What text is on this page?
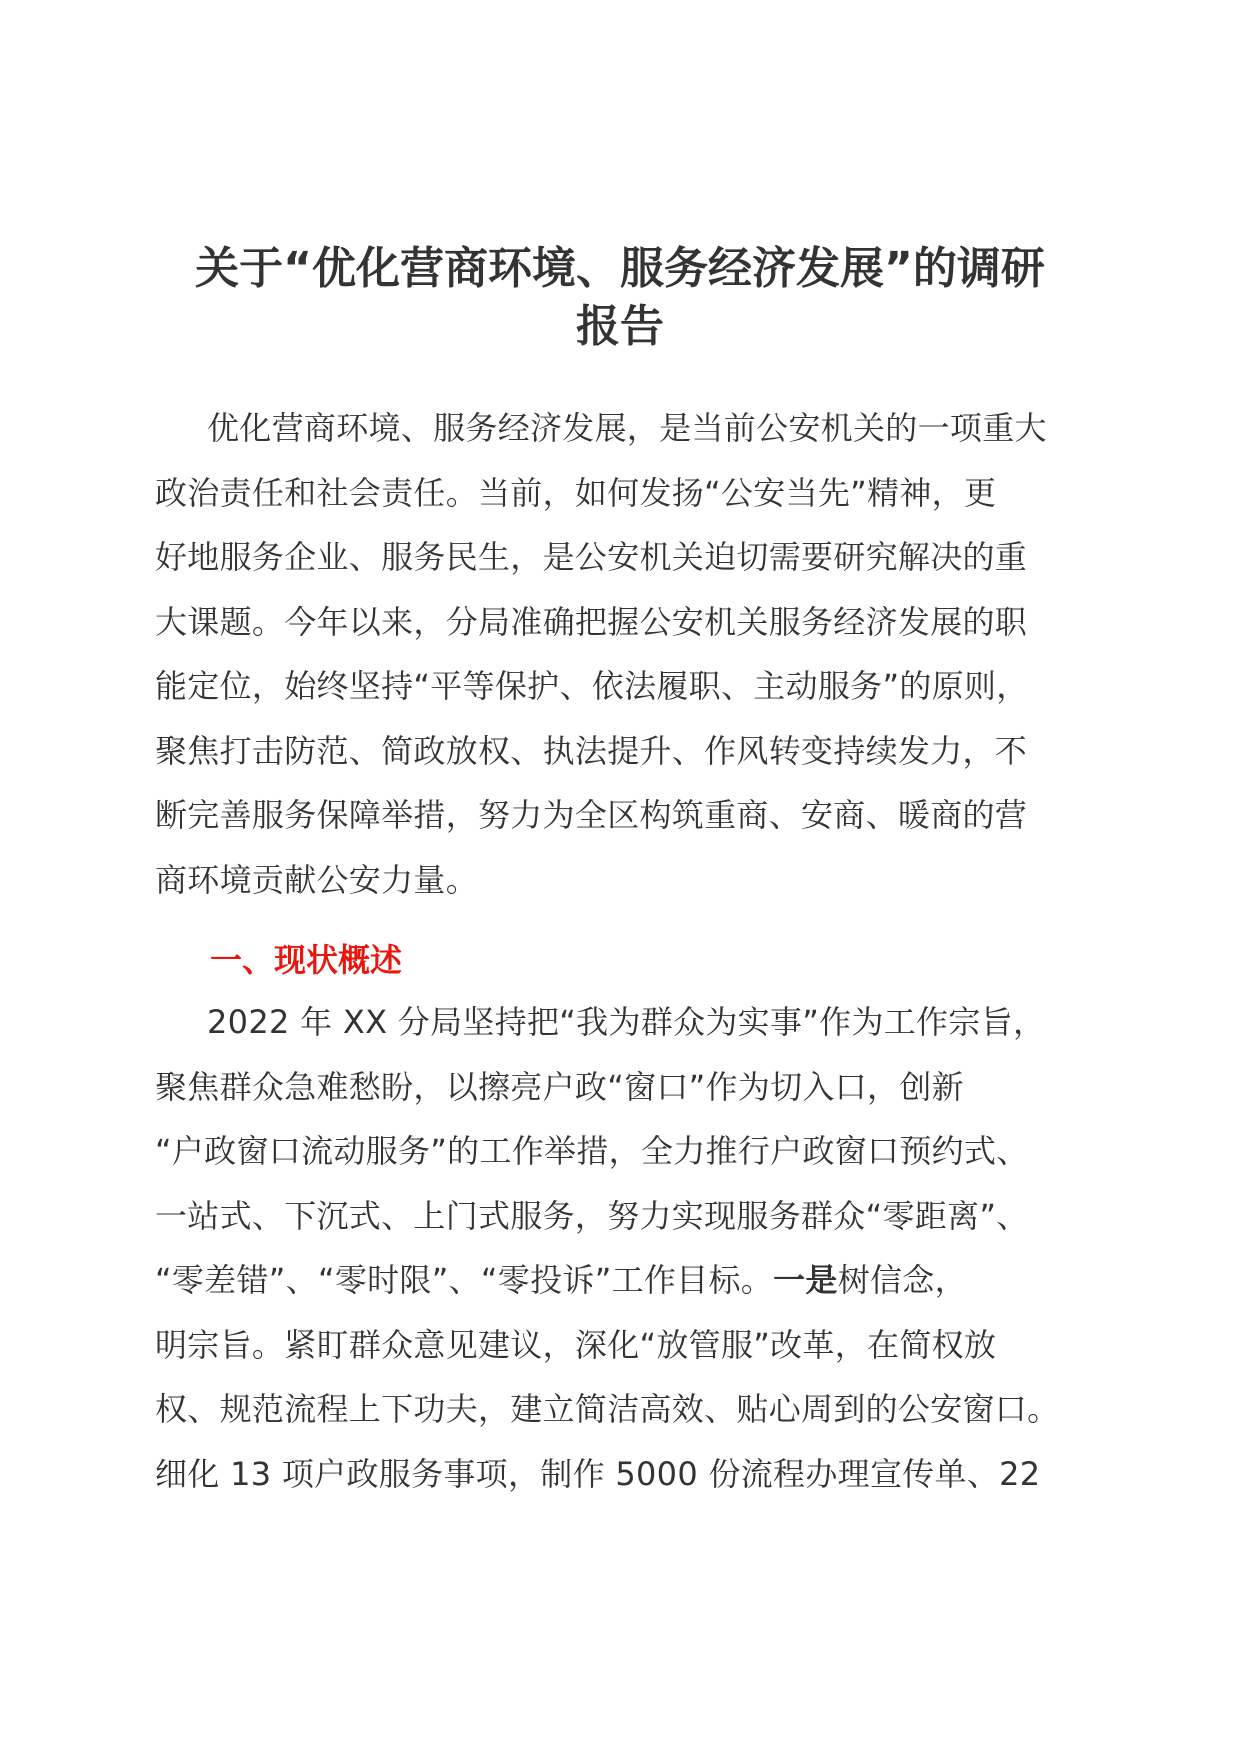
关于“优化营商环境、服务经济发展”的调研
报告
优化营商环境、服务经济发展，是当前公安机关的一项重大
政治责任和社会责任。当前，如何发扬“公安当先”精神，更
好地服务企业、服务民生，是公安机关迫切需要研究解决的重
大课题。今年以来，分局准确把握公安机关服务经济发展的职
能定位，始终坚持“平等保护、依法履职、主动服务”的原则，
聚焦打击防范、简政放权、执法提升、作风转变持续发力，不
断完善服务保障举措，努力为全区构筑重商、安商、暖商的营
商环境贡献公安力量。
一、现状概述
2022 年 XX 分局坚持把“我为群众为实事”作为工作宗旨，
聚焦群众急难愁盼，以擦亮户政“窗口”作为切入口，创新
“户政窗口流动服务”的工作举措，全力推行户政窗口预约式、
一站式、下沉式、上门式服务，努力实现服务群众“零距离”、
“零差错”、“零时限”、“零投诉”工作目标。一是树信念，
明宗旨。紧盯群众意见建议，深化“放管服”改革，在简权放
权、规范流程上下功夫，建立简洁高效、贴心周到的公安窗口。
细化 13 项户政服务事项，制作 5000 份流程办理宣传单、22
